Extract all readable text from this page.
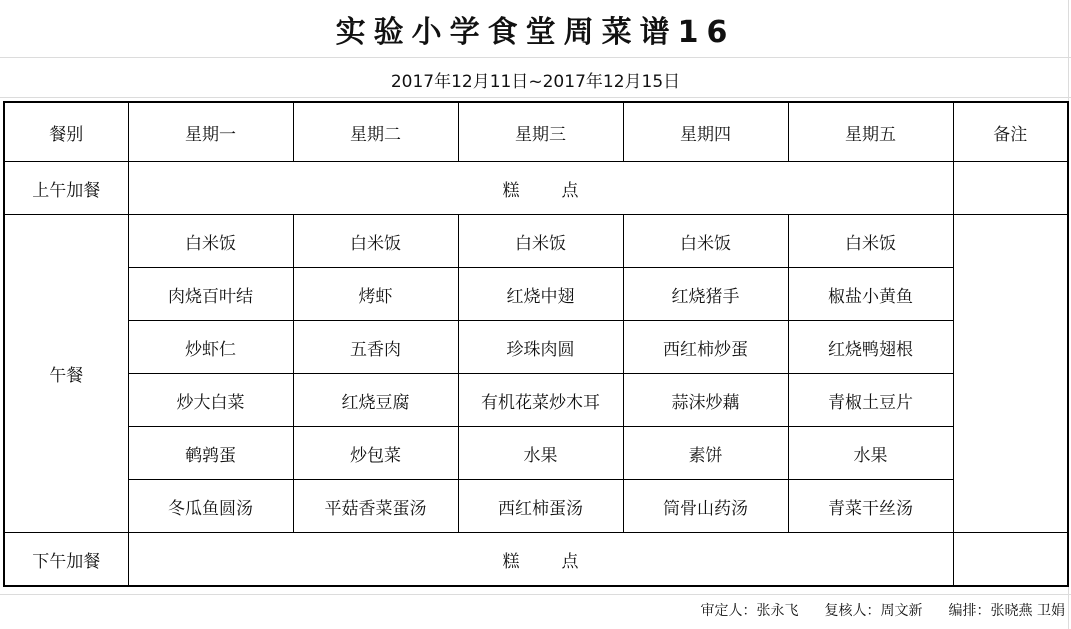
实验小学食堂周菜谱16
2017年12月11日~2017年12月15日
餐别	星期一	星期二	星期三	星期四	星期五	备注
上午加餐	糕 点					
午餐	白米饭	白米饭	白米饭	白米饭	白米饭	
	肉烧百叶结	烤虾	红烧中翅	红烧猪手	椒盐小黄鱼	
	炒虾仁	五香肉	珍珠肉圆	西红柿炒蛋	红烧鸭翅根	
	炒大白菜	红烧豆腐	有机花菜炒木耳	蒜沫炒藕	青椒土豆片	
	鹌鹑蛋	炒包菜	水果	素饼	水果	
	冬瓜鱼圆汤	平菇香菜蛋汤	西红柿蛋汤	筒骨山药汤	青菜干丝汤	
下午加餐	糕 点					
审定人：张永飞 复核人：周文新 编排：张晓燕 卫娟
